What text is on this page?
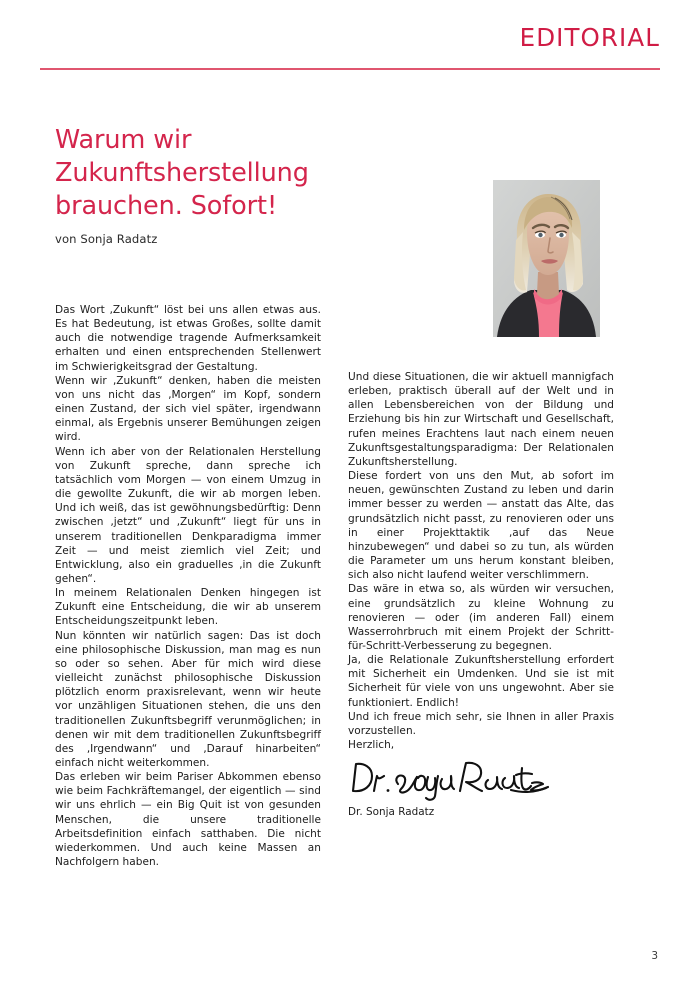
EDITORIAL
Warum wir Zukunftsherstellung brauchen. Sofort!
von Sonja Radatz

Das Wort ‚Zukunft“ löst bei uns allen etwas aus. Es hat Bedeutung, ist etwas Großes, sollte damit auch die notwendige tragende Aufmerksamkeit erhalten und einen entsprechenden Stellenwert im Schwierigkeitsgrad der Gestaltung.

Wenn wir ‚Zukunft“ denken, haben die meisten von uns nicht das ‚Morgen“ im Kopf, sondern einen Zustand, der sich viel später, irgendwann einmal, als Ergebnis unserer Bemühungen zeigen wird.

Wenn ich aber von der Relationalen Herstellung von Zukunft spreche, dann spreche ich tatsächlich vom Morgen — von einem Umzug in die gewollte Zukunft, die wir ab morgen leben. Und ich weiß, das ist gewöhnungsbedürftig: Denn zwischen ‚jetzt“ und ‚Zukunft“ liegt für uns in unserem traditionellen Denkparadigma immer Zeit — und meist ziemlich viel Zeit; und Entwicklung, also ein graduelles ‚in die Zukunft gehen“.

In meinem Relationalen Denken hingegen ist Zukunft eine Entscheidung, die wir ab unserem Entscheidungszeitpunkt leben.

Nun könnten wir natürlich sagen: Das ist doch eine philosophische Diskussion, man mag es nun so oder so sehen. Aber für mich wird diese vielleicht zunächst philosophische Diskussion plötzlich enorm praxisrelevant, wenn wir heute vor unzähligen Situationen stehen, die uns den traditionellen Zukunftsbegriff verunmöglichen; in denen wir mit dem traditionellen Zukunftsbegriff des ‚Irgendwann“ und ‚Darauf hinarbeiten“ einfach nicht weiterkommen.

Das erleben wir beim Pariser Abkommen ebenso wie beim Fachkräftemangel, der eigentlich — sind wir uns ehrlich — ein Big Quit ist von gesunden Menschen, die unsere traditionelle Arbeitsdefinition einfach satthaben. Die nicht wiederkommen. Und auch keine Massen an Nachfolgern haben.

Und diese Situationen, die wir aktuell mannigfach erleben, praktisch überall auf der Welt und in allen Lebensbereichen von der Bildung und Erziehung bis hin zur Wirtschaft und Gesellschaft, rufen meines Erachtens laut nach einem neuen Zukunftsgestaltungsparadigma: Der Relationalen Zukunftsherstellung.

Diese fordert von uns den Mut, ab sofort im neuen, gewünschten Zustand zu leben und darin immer besser zu werden — anstatt das Alte, das grundsätzlich nicht passt, zu renovieren oder uns in einer Projekttaktik ‚auf das Neue hinzubewegen“ und dabei so zu tun, als würden die Parameter um uns herum konstant bleiben, sich also nicht laufend weiter verschlimmern.

Das wäre in etwa so, als würden wir versuchen, eine grundsätzlich zu kleine Wohnung zu renovieren — oder (im anderen Fall) einem Wasserrohrbruch mit einem Projekt der Schritt-für-Schritt-Verbesserung zu begegnen.

Ja, die Relationale Zukunftsherstellung erfordert mit Sicherheit ein Umdenken. Und sie ist mit Sicherheit für viele von uns ungewohnt. Aber sie funktioniert. Endlich!

Und ich freue mich sehr, sie Ihnen in aller Praxis vorzustellen.

Herzlich,

Dr. Sonja Radatz
3
